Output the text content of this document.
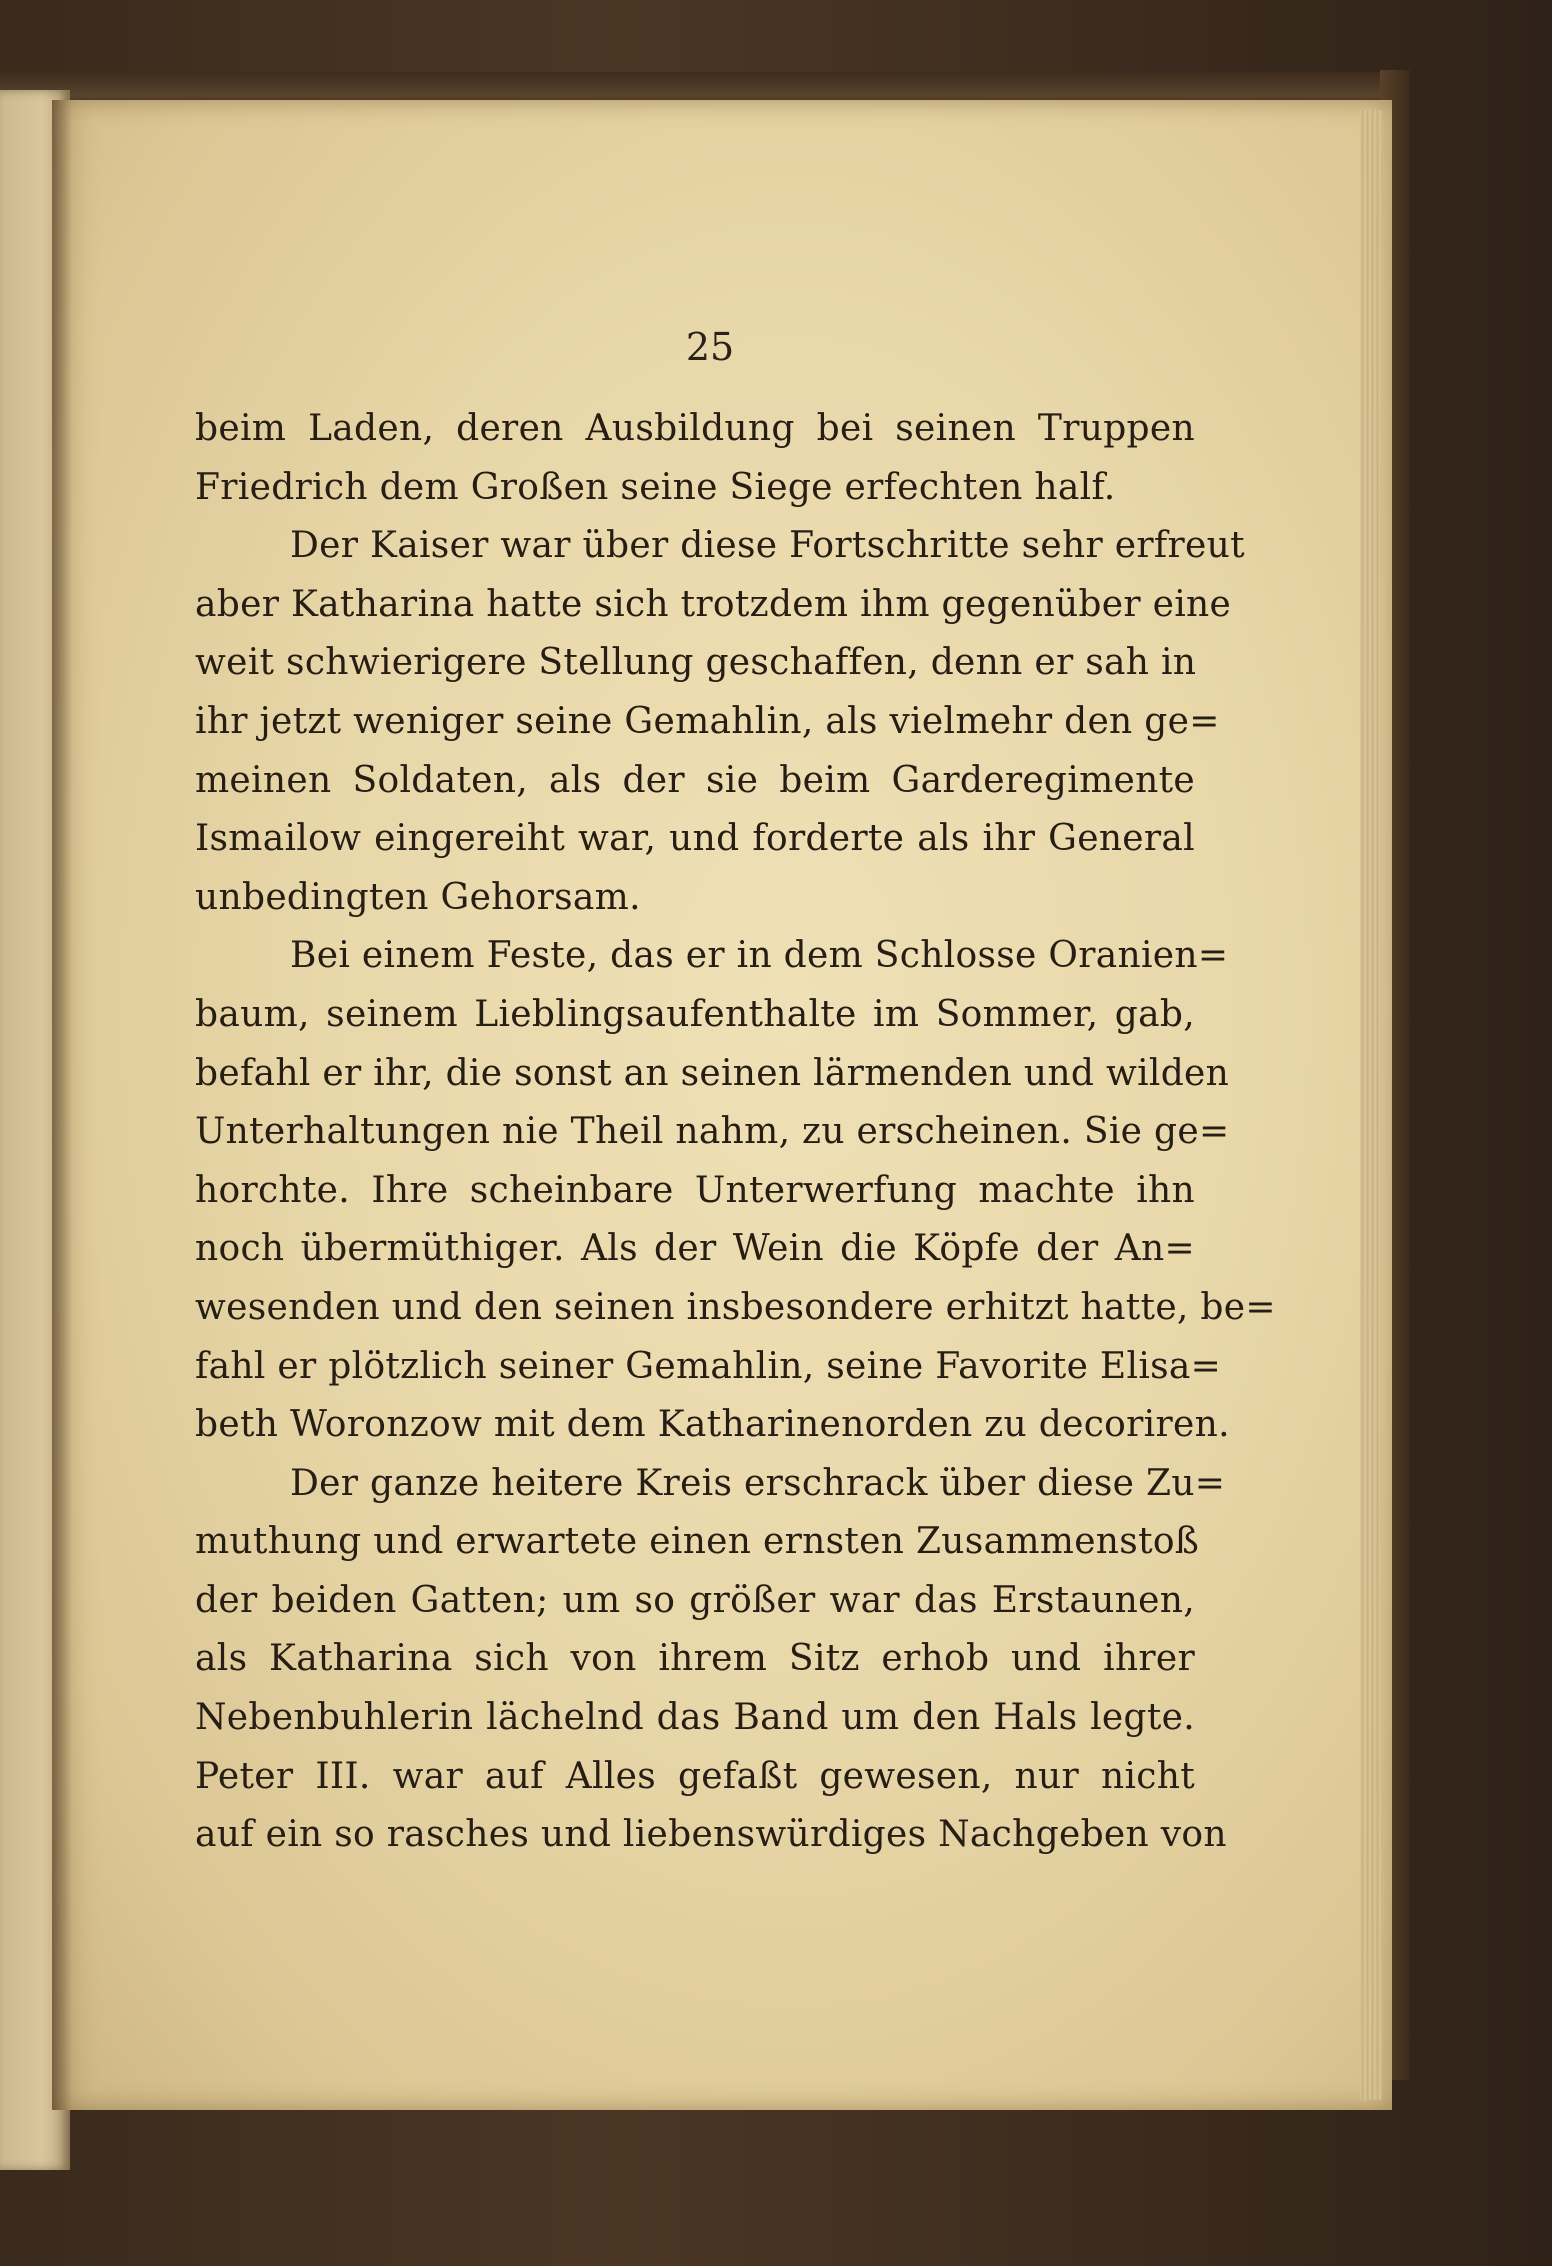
25
beim Laden, deren Ausbildung bei seinen Truppen
Friedrich dem Großen seine Siege erfechten half.
Der Kaiser war über diese Fortschritte sehr erfreut
aber Katharina hatte sich trotzdem ihm gegenüber eine
weit schwierigere Stellung geschaffen, denn er sah in
ihr jetzt weniger seine Gemahlin, als vielmehr den ge=
meinen Soldaten, als der sie beim Garderegimente
Ismailow eingereiht war, und forderte als ihr General
unbedingten Gehorsam.
Bei einem Feste, das er in dem Schlosse Oranien=
baum, seinem Lieblingsaufenthalte im Sommer, gab,
befahl er ihr, die sonst an seinen lärmenden und wilden
Unterhaltungen nie Theil nahm, zu erscheinen. Sie ge=
horchte. Ihre scheinbare Unterwerfung machte ihn
noch übermüthiger. Als der Wein die Köpfe der An=
wesenden und den seinen insbesondere erhitzt hatte, be=
fahl er plötzlich seiner Gemahlin, seine Favorite Elisa=
beth Woronzow mit dem Katharinenorden zu decoriren.
Der ganze heitere Kreis erschrack über diese Zu=
muthung und erwartete einen ernsten Zusammenstoß
der beiden Gatten; um so größer war das Erstaunen,
als Katharina sich von ihrem Sitz erhob und ihrer
Nebenbuhlerin lächelnd das Band um den Hals legte.
Peter III. war auf Alles gefaßt gewesen, nur nicht
auf ein so rasches und liebenswürdiges Nachgeben von
